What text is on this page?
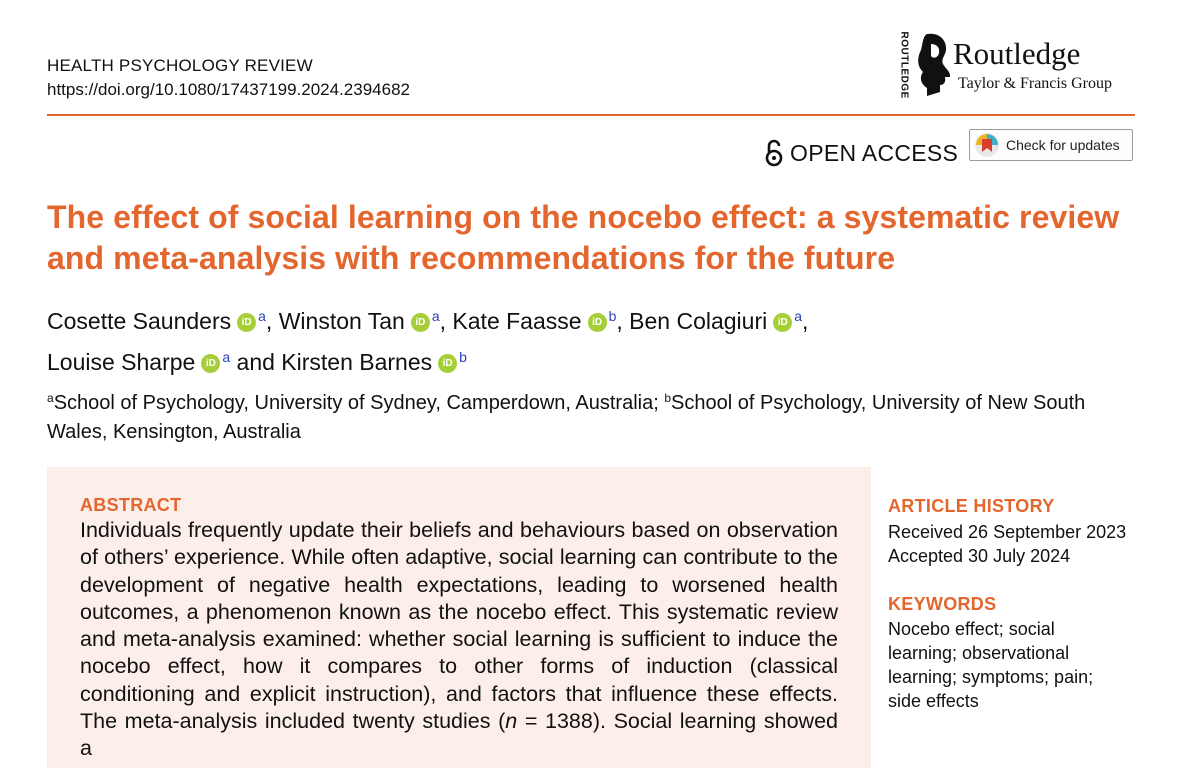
HEALTH PSYCHOLOGY REVIEW
https://doi.org/10.1080/17437199.2024.2394682	ROUTLEDGE Routledge
Taylor & Francis Group
OPEN ACCESS	Check for updates
The effect of social learning on the nocebo effect: a systematic review and meta-analysis with recommendations for the future
Cosette Saunders iD $^a$, Winston Tan iD $^a$, Kate Faasse iD $^b$, Ben Colagiuri iD $^a$,
Louise Sharpe iD $^a$ and Kirsten Barnes iD $^b$
$^a$School of Psychology, University of Sydney, Camperdown, Australia; $^b$School of Psychology, University of New South Wales, Kensington, Australia
ABSTRACT

Individuals frequently update their beliefs and behaviours based on observation of others’ experience. While often adaptive, social learning can contribute to the development of negative health expectations, leading to worsened health outcomes, a phenomenon known as the nocebo effect. This systematic review and meta-analysis examined: whether social learning is sufficient to induce the nocebo effect, how it compares to other forms of induction (classical conditioning and explicit instruction), and factors that influence these effects. The meta-analysis included twenty studies (n = 1388). Social learning showed a

ARTICLE HISTORY
Received 26 September 2023
Accepted 30 July 2024
KEYWORDS
Nocebo effect; social learning; observational learning; symptoms; pain; side effects
